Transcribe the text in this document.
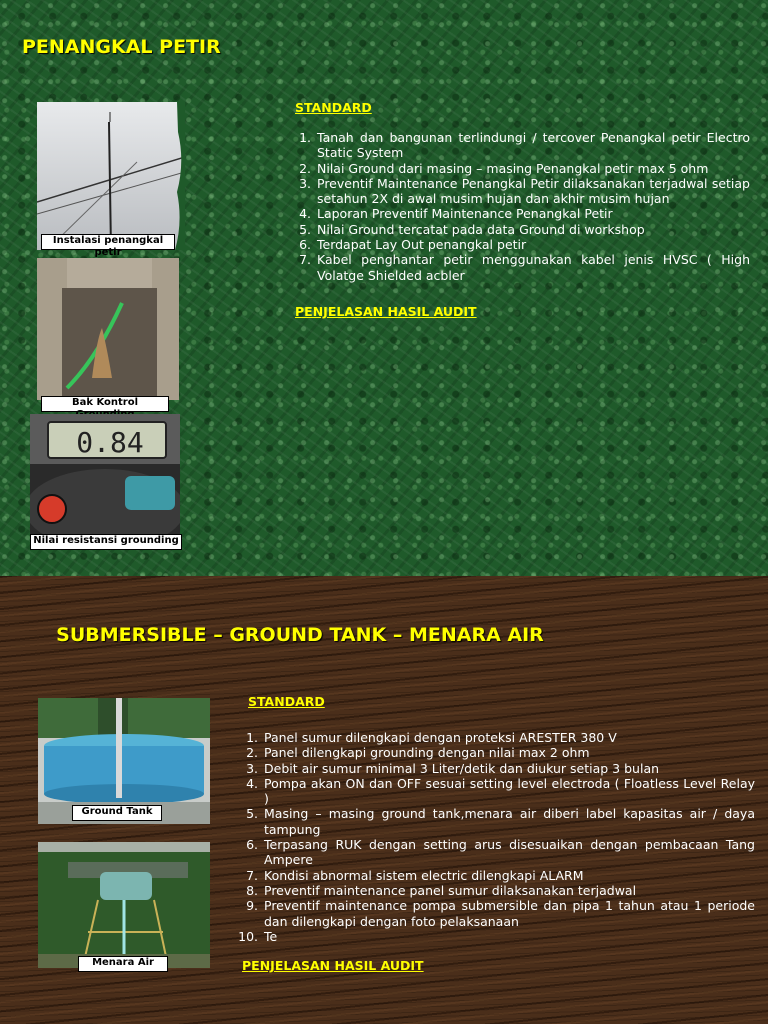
PENANGKAL PETIR
Instalasi penangkal petir
Bak Kontrol
0.84
Nilai resistansi grounding

STANDARD

1. Tanah dan bangunan terlindungi / tercover Penangkal petir Electro Static System
2. Nilai Ground dari masing – masing Penangkal petir max 5 ohm
3. Preventif Maintenance Penangkal Petir dilaksanakan terjadwal setiap setahun 2X di awal musim hujan dan akhir musim hujan
4. Laporan Preventif Maintenance Penangkal Petir
5. Nilai Ground tercatat pada data Ground di workshop
6. Terdapat Lay Out penangkal petir
7. Kabel penghantar petir menggunakan kabel jenis HVSC ( High Volatge Shielded acbler

PENJELASAN HASIL AUDIT

SUBMERSIBLE – GROUND TANK – MENARA AIR
Ground Tank
Menara Air

STANDARD

1. Panel sumur dilengkapi dengan proteksi ARESTER 380 V
2. Panel dilengkapi grounding dengan nilai max 2 ohm
3. Debit air sumur minimal 3 Liter/detik dan diukur setiap 3 bulan
4. Pompa akan ON dan OFF sesuai setting level electroda ( Floatless Level Relay )
5. Masing – masing ground tank,menara air diberi label kapasitas air / daya tampung
6. Terpasang RUK dengan setting arus disesuaikan dengan pembacaan Tang Ampere
7. Kondisi abnormal sistem electric dilengkapi ALARM
8. Preventif maintenance panel sumur dilaksanakan terjadwal
9. Preventif maintenance pompa submersible dan pipa 1 tahun atau 1 periode dan dilengkapi dengan foto pelaksanaan
10. Te

PENJELASAN HASIL AUDIT
